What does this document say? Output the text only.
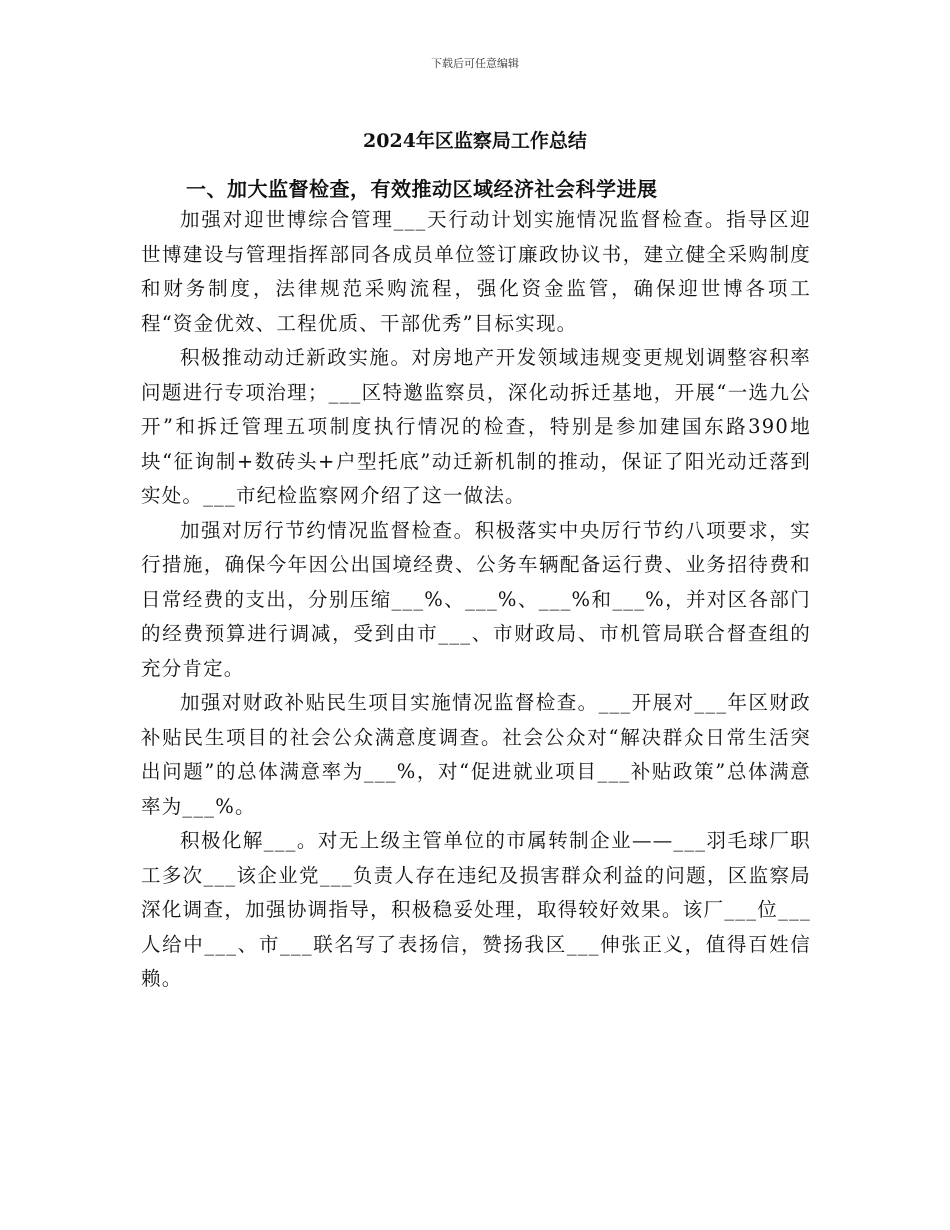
下载后可任意编辑
2024年区监察局工作总结
一、加大监督检查，有效推动区域经济社会科学进展

加强对迎世博综合管理___天行动计划实施情况监督检查。指导区迎世博建设与管理指挥部同各成员单位签订廉政协议书，建立健全采购制度和财务制度，法律规范采购流程，强化资金监管，确保迎世博各项工程“资金优效、工程优质、干部优秀”目标实现。

积极推动动迁新政实施。对房地产开发领域违规变更规划调整容积率问题进行专项治理；___区特邀监察员，深化动拆迁基地，开展“一选九公开”和拆迁管理五项制度执行情况的检查，特别是参加建国东路390地块“征询制+数砖头+户型托底”动迁新机制的推动，保证了阳光动迁落到实处。___市纪检监察网介绍了这一做法。

加强对厉行节约情况监督检查。积极落实中央厉行节约八项要求，实行措施，确保今年因公出国境经费、公务车辆配备运行费、业务招待费和日常经费的支出，分别压缩___%、___%、___%和___%，并对区各部门的经费预算进行调减，受到由市___、市财政局、市机管局联合督查组的充分肯定。

加强对财政补贴民生项目实施情况监督检查。___开展对___年区财政补贴民生项目的社会公众满意度调查。社会公众对“解决群众日常生活突出问题”的总体满意率为___%，对“促进就业项目___补贴政策”总体满意率为___%。

积极化解___。对无上级主管单位的市属转制企业——___羽毛球厂职工多次___该企业党___负责人存在违纪及损害群众利益的问题，区监察局深化调查，加强协调指导，积极稳妥处理，取得较好效果。该厂___位___人给中___、市___联名写了表扬信，赞扬我区___伸张正义，值得百姓信赖。
